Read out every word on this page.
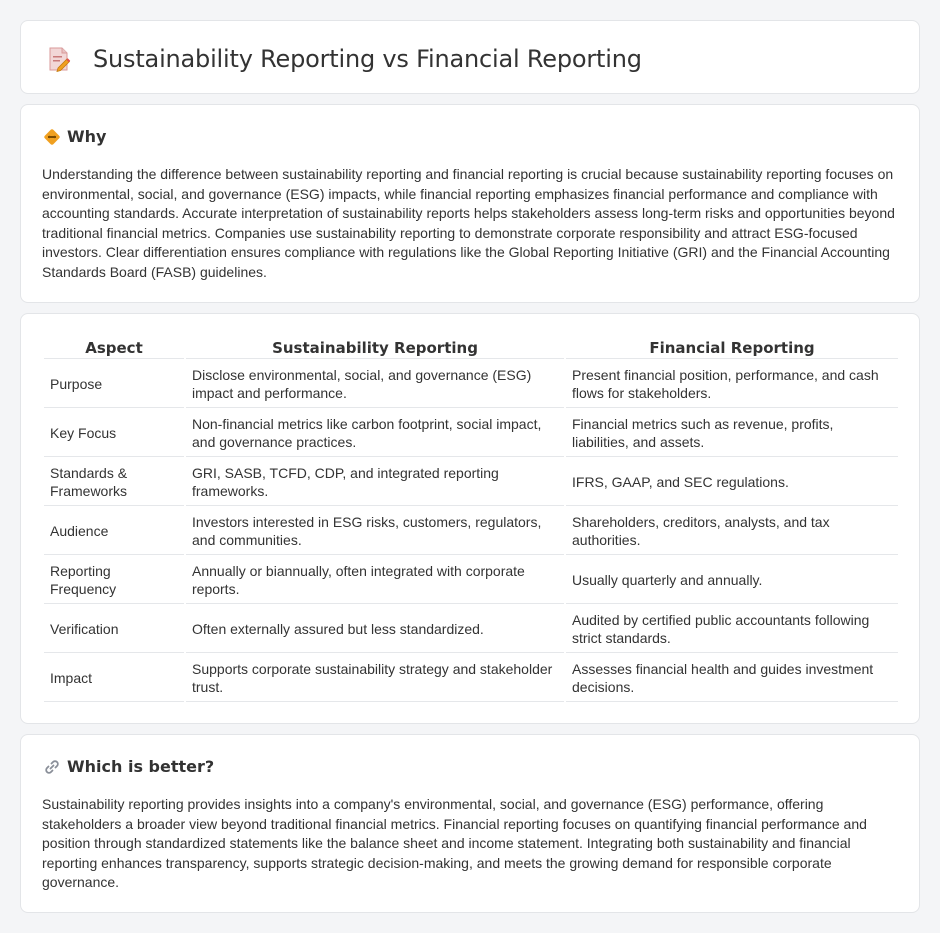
Sustainability Reporting vs Financial Reporting
Why

Understanding the difference between sustainability reporting and financial reporting is crucial because sustainability reporting focuses on environmental, social, and governance (ESG) impacts, while financial reporting emphasizes financial performance and compliance with accounting standards. Accurate interpretation of sustainability reports helps stakeholders assess long-term risks and opportunities beyond traditional financial metrics. Companies use sustainability reporting to demonstrate corporate responsibility and attract ESG-focused investors. Clear differentiation ensures compliance with regulations like the Global Reporting Initiative (GRI) and the Financial Accounting Standards Board (FASB) guidelines.

Aspect	Sustainability Reporting	Financial Reporting
Purpose	Disclose environmental, social, and governance (ESG) impact and performance.	Present financial position, performance, and cash flows for stakeholders.
Key Focus	Non-financial metrics like carbon footprint, social impact, and governance practices.	Financial metrics such as revenue, profits, liabilities, and assets.
Standards & Frameworks	GRI, SASB, TCFD, CDP, and integrated reporting frameworks.	IFRS, GAAP, and SEC regulations.
Audience	Investors interested in ESG risks, customers, regulators, and communities.	Shareholders, creditors, analysts, and tax authorities.
Reporting Frequency	Annually or biannually, often integrated with corporate reports.	Usually quarterly and annually.
Verification	Often externally assured but less standardized.	Audited by certified public accountants following strict standards.
Impact	Supports corporate sustainability strategy and stakeholder trust.	Assesses financial health and guides investment decisions.
Which is better?

Sustainability reporting provides insights into a company's environmental, social, and governance (ESG) performance, offering stakeholders a broader view beyond traditional financial metrics. Financial reporting focuses on quantifying financial performance and position through standardized statements like the balance sheet and income statement. Integrating both sustainability and financial reporting enhances transparency, supports strategic decision-making, and meets the growing demand for responsible corporate governance.
